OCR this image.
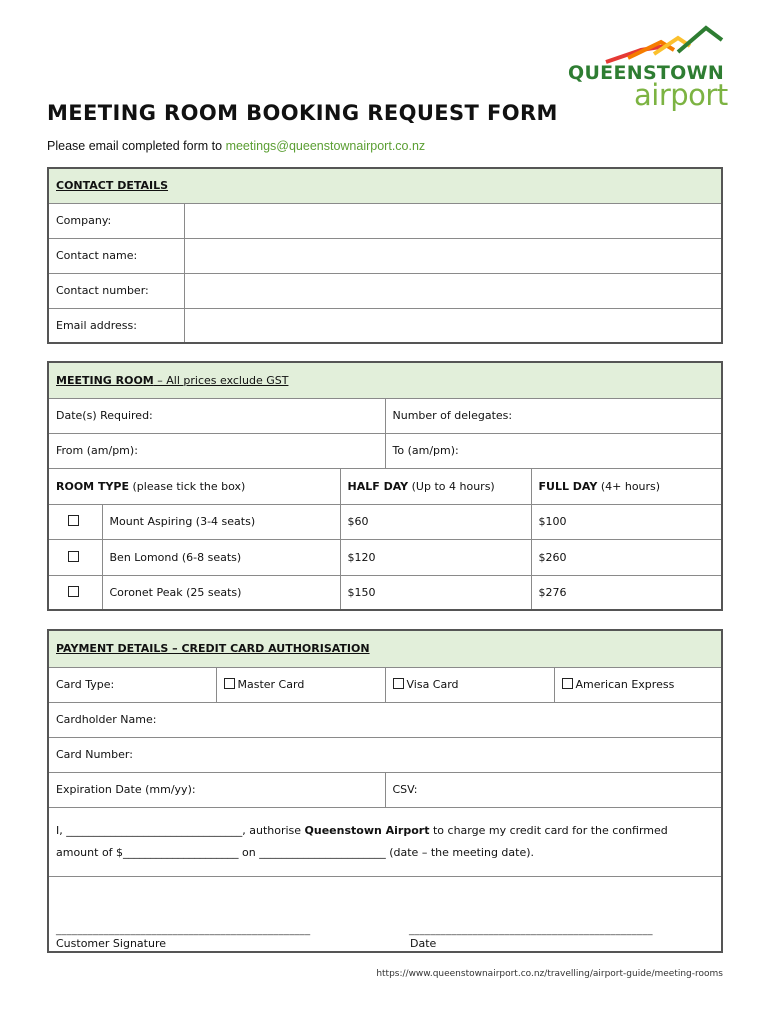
QUEENSTOWN
airport
MEETING ROOM BOOKING REQUEST FORM
Please email completed form to meetings@queenstownairport.co.nz
CONTACT DETAILS	
Company:	
Contact name:	
Contact number:	
Email address:	
MEETING ROOM – All prices exclude GST				
Date(s) Required:			Number of delegates:	
From (am/pm):			To (am/pm):	
ROOM TYPE (please tick the box)		HALF DAY (Up to 4 hours)		FULL DAY (4+ hours)
	Mount Aspiring (3-4 seats)	$60		$100
	Ben Lomond (6-8 seats)	$120		$260
	Coronet Peak (25 seats)	$150		$276
PAYMENT DETAILS – CREDIT CARD AUTHORISATION			
Card Type:	Master Card	Visa Card	American Express
Cardholder Name:			
Card Number:			
Expiration Date (mm/yy):		CSV:	

I, ________________________________, authorise Queenstown Airport to charge my credit card for the confirmed
amount of $_____________________ on _______________________ (date – the meeting date).			

________________________________________________
Customer Signature
______________________________________________
Date			
https://www.queenstownairport.co.nz/travelling/airport-guide/meeting-rooms
